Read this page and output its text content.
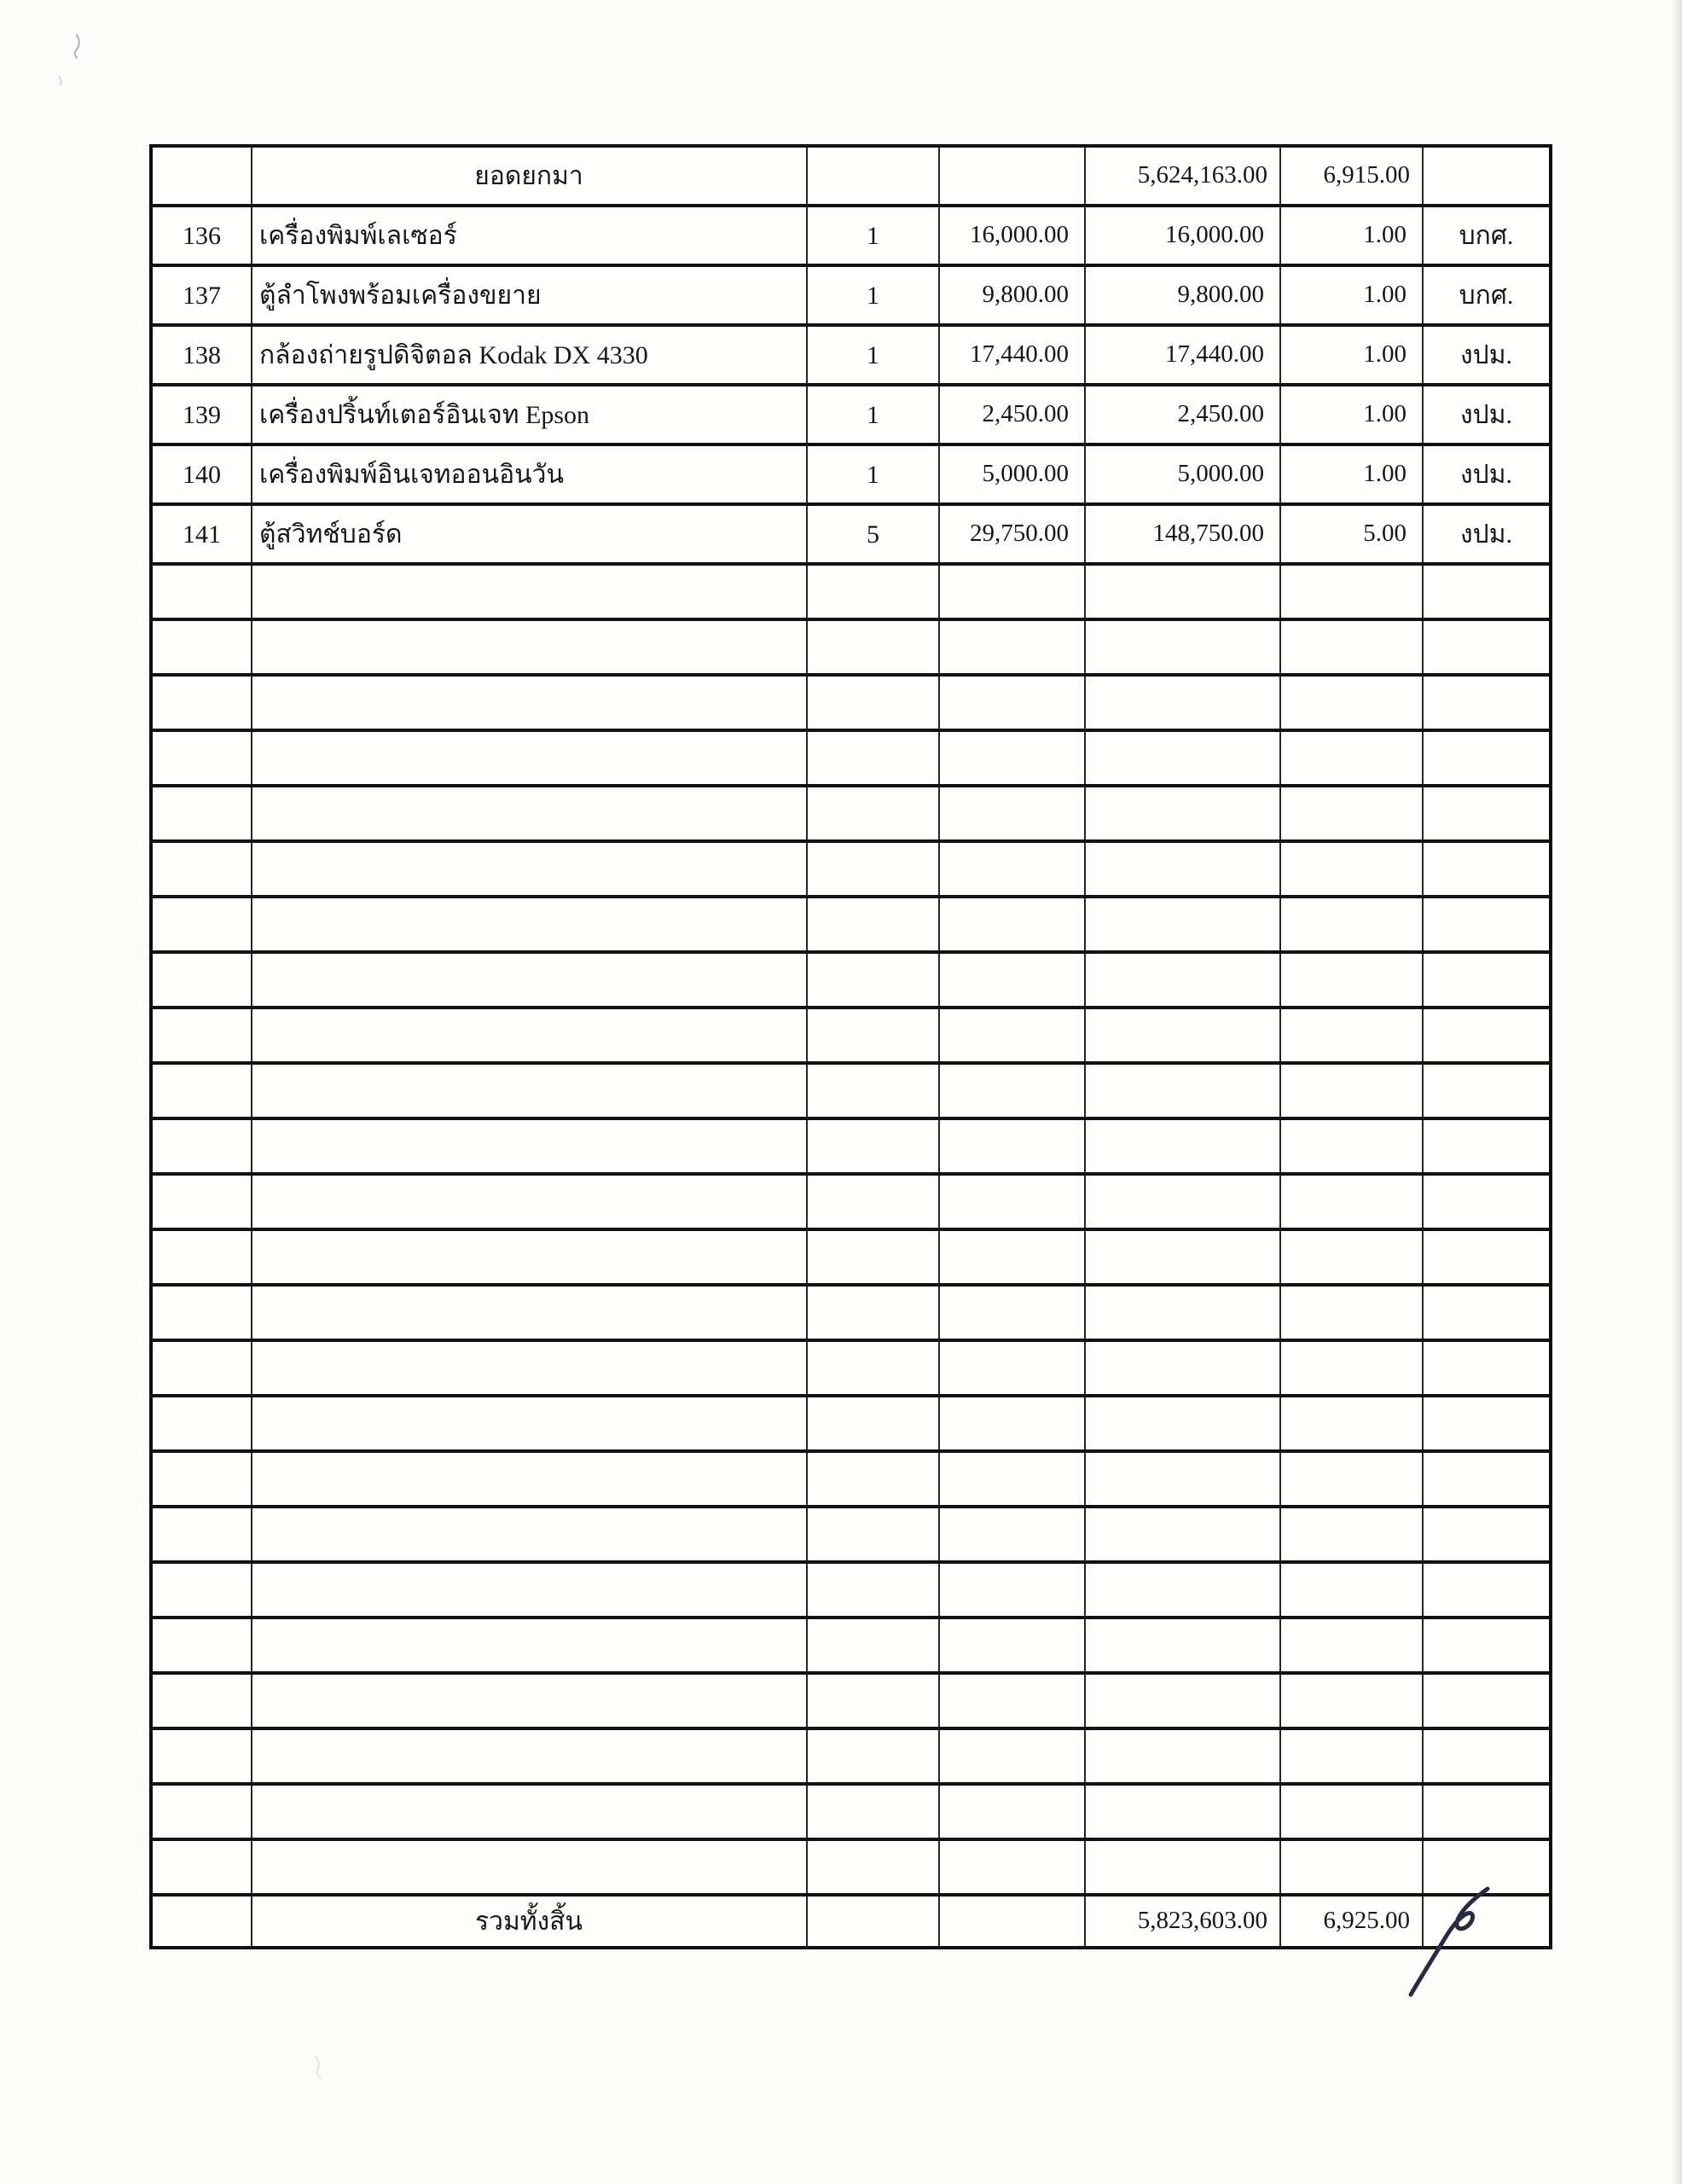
	ยอดยกมา			5,624,163.00	6,915.00	
136	เครื่องพิมพ์เลเซอร์	1	16,000.00	16,000.00	1.00	บกศ.
137	ตู้ลำโพงพร้อมเครื่องขยาย	1	9,800.00	9,800.00	1.00	บกศ.
138	กล้องถ่ายรูปดิจิตอล Kodak DX 4330	1	17,440.00	17,440.00	1.00	งปม.
139	เครื่องปริ้นท์เตอร์อินเจท Epson	1	2,450.00	2,450.00	1.00	งปม.
140	เครื่องพิมพ์อินเจทออนอินวัน	1	5,000.00	5,000.00	1.00	งปม.
141	ตู้สวิทช์บอร์ด	5	29,750.00	148,750.00	5.00	งปม.

	รวมทั้งสิ้น			5,823,603.00	6,925.00	
